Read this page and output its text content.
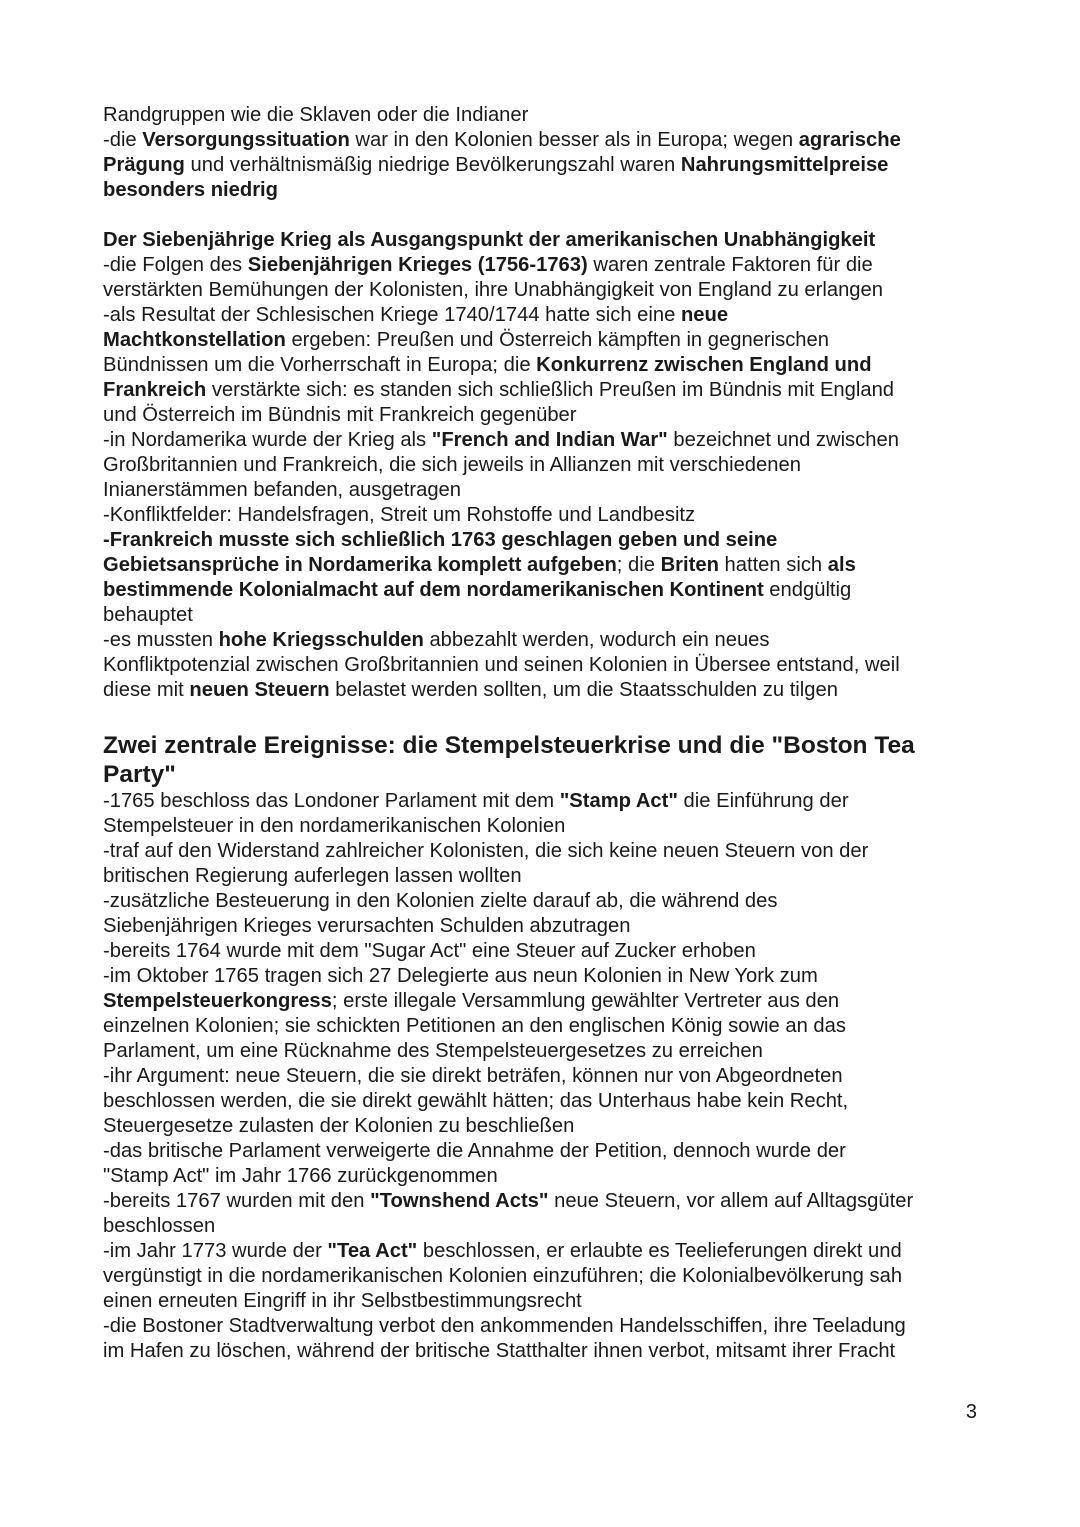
Randgruppen wie die Sklaven oder die Indianer

-die Versorgungssituation war in den Kolonien besser als in Europa; wegen agrarische

Prägung und verhältnismäßig niedrige Bevölkerungszahl waren Nahrungsmittelpreise

besonders niedrig

Der Siebenjährige Krieg als Ausgangspunkt der amerikanischen Unabhängigkeit

-die Folgen des Siebenjährigen Krieges (1756-1763) waren zentrale Faktoren für die

verstärkten Bemühungen der Kolonisten, ihre Unabhängigkeit von England zu erlangen

-als Resultat der Schlesischen Kriege 1740/1744 hatte sich eine neue

Machtkonstellation ergeben: Preußen und Österreich kämpften in gegnerischen

Bündnissen um die Vorherrschaft in Europa; die Konkurrenz zwischen England und

Frankreich verstärkte sich: es standen sich schließlich Preußen im Bündnis mit England

und Österreich im Bündnis mit Frankreich gegenüber

-in Nordamerika wurde der Krieg als "French and Indian War" bezeichnet und zwischen

Großbritannien und Frankreich, die sich jeweils in Allianzen mit verschiedenen

Inianerstämmen befanden, ausgetragen

-Konfliktfelder: Handelsfragen, Streit um Rohstoffe und Landbesitz

-Frankreich musste sich schließlich 1763 geschlagen geben und seine

Gebietsansprüche in Nordamerika komplett aufgeben; die Briten hatten sich als

bestimmende Kolonialmacht auf dem nordamerikanischen Kontinent endgültig

behauptet

-es mussten hohe Kriegsschulden abbezahlt werden, wodurch ein neues

Konfliktpotenzial zwischen Großbritannien und seinen Kolonien in Übersee entstand, weil

diese mit neuen Steuern belastet werden sollten, um die Staatsschulden zu tilgen

Zwei zentrale Ereignisse: die Stempelsteuerkrise und die "Boston Tea
Party"

-1765 beschloss das Londoner Parlament mit dem "Stamp Act" die Einführung der

Stempelsteuer in den nordamerikanischen Kolonien

-traf auf den Widerstand zahlreicher Kolonisten, die sich keine neuen Steuern von der

britischen Regierung auferlegen lassen wollten

-zusätzliche Besteuerung in den Kolonien zielte darauf ab, die während des

Siebenjährigen Krieges verursachten Schulden abzutragen

-bereits 1764 wurde mit dem "Sugar Act" eine Steuer auf Zucker erhoben

-im Oktober 1765 tragen sich 27 Delegierte aus neun Kolonien in New York zum

Stempelsteuerkongress; erste illegale Versammlung gewählter Vertreter aus den

einzelnen Kolonien; sie schickten Petitionen an den englischen König sowie an das

Parlament, um eine Rücknahme des Stempelsteuergesetzes zu erreichen

-ihr Argument: neue Steuern, die sie direkt beträfen, können nur von Abgeordneten

beschlossen werden, die sie direkt gewählt hätten; das Unterhaus habe kein Recht,

Steuergesetze zulasten der Kolonien zu beschließen

-das britische Parlament verweigerte die Annahme der Petition, dennoch wurde der

"Stamp Act" im Jahr 1766 zurückgenommen

-bereits 1767 wurden mit den "Townshend Acts" neue Steuern, vor allem auf Alltagsgüter

beschlossen

-im Jahr 1773 wurde der "Tea Act" beschlossen, er erlaubte es Teelieferungen direkt und

vergünstigt in die nordamerikanischen Kolonien einzuführen; die Kolonialbevölkerung sah

einen erneuten Eingriff in ihr Selbstbestimmungsrecht

-die Bostoner Stadtverwaltung verbot den ankommenden Handelsschiffen, ihre Teeladung

im Hafen zu löschen, während der britische Statthalter ihnen verbot, mitsamt ihrer Fracht

3
